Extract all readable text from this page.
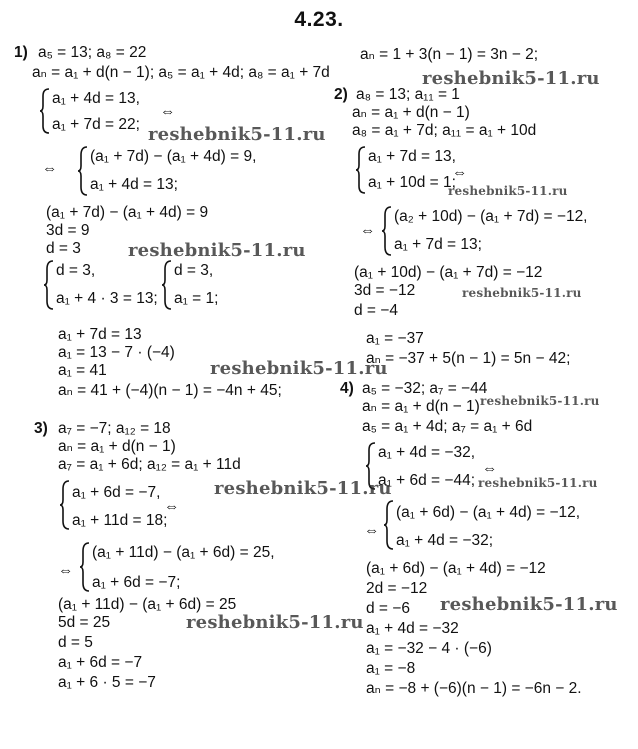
4.23.
1) a₅ = 13; a₈ = 22
aₙ = a₁ + d(n − 1); a₅ = a₁ + 4d; a₈ = a₁ + 7d
a₁ + 4d = 13,
a₁ + 7d = 22;
⇔
⇔
(a₁ + 7d) − (a₁ + 4d) = 9,
a₁ + 4d = 13;
(a₁ + 7d) − (a₁ + 4d) = 9
3d = 9
d = 3
d = 3,
a₁ + 4 · 3 = 13;
d = 3,
a₁ = 1;
a₁ + 7d = 13
a₁ = 13 − 7 · (−4)
a₁ = 41
aₙ = 41 + (−4)(n − 1) = −4n + 45;
3) a₇ = −7; a₁₂ = 18
aₙ = a₁ + d(n − 1)
a₇ = a₁ + 6d; a₁₂ = a₁ + 11d
a₁ + 6d = −7,
a₁ + 11d = 18;
⇔
⇔
(a₁ + 11d) − (a₁ + 6d) = 25,
a₁ + 6d = −7;
(a₁ + 11d) − (a₁ + 6d) = 25
5d = 25
d = 5
a₁ + 6d = −7
a₁ + 6 · 5 = −7
aₙ = 1 + 3(n − 1) = 3n − 2;
2) a₈ = 13; a₁₁ = 1
aₙ = a₁ + d(n − 1)
a₈ = a₁ + 7d; a₁₁ = a₁ + 10d
a₁ + 7d = 13,
a₁ + 10d = 1;
⇔
⇔
(a₂ + 10d) − (a₁ + 7d) = −12,
a₁ + 7d = 13;
(a₁ + 10d) − (a₁ + 7d) = −12
3d = −12
d = −4
a₁ = −37
aₙ = −37 + 5(n − 1) = 5n − 42;
4) a₅ = −32; a₇ = −44
aₙ = a₁ + d(n − 1)
a₅ = a₁ + 4d; a₇ = a₁ + 6d
a₁ + 4d = −32,
a₁ + 6d = −44;
⇔
⇔
(a₁ + 6d) − (a₁ + 4d) = −12,
a₁ + 4d = −32;
(a₁ + 6d) − (a₁ + 4d) = −12
2d = −12
d = −6
a₁ + 4d = −32
a₁ = −32 − 4 · (−6)
a₁ = −8
aₙ = −8 + (−6)(n − 1) = −6n − 2.
reshebnik5-11.ru
reshebnik5-11.ru
reshebnik5-11.ru
reshebnik5-11.ru
reshebnik5-11.ru
reshebnik5-11.ru
reshebnik5-11.ru
reshebnik5-11.ru	reshebnik5-11.ru
reshebnik5-11.ru
reshebnik5-11.ru
